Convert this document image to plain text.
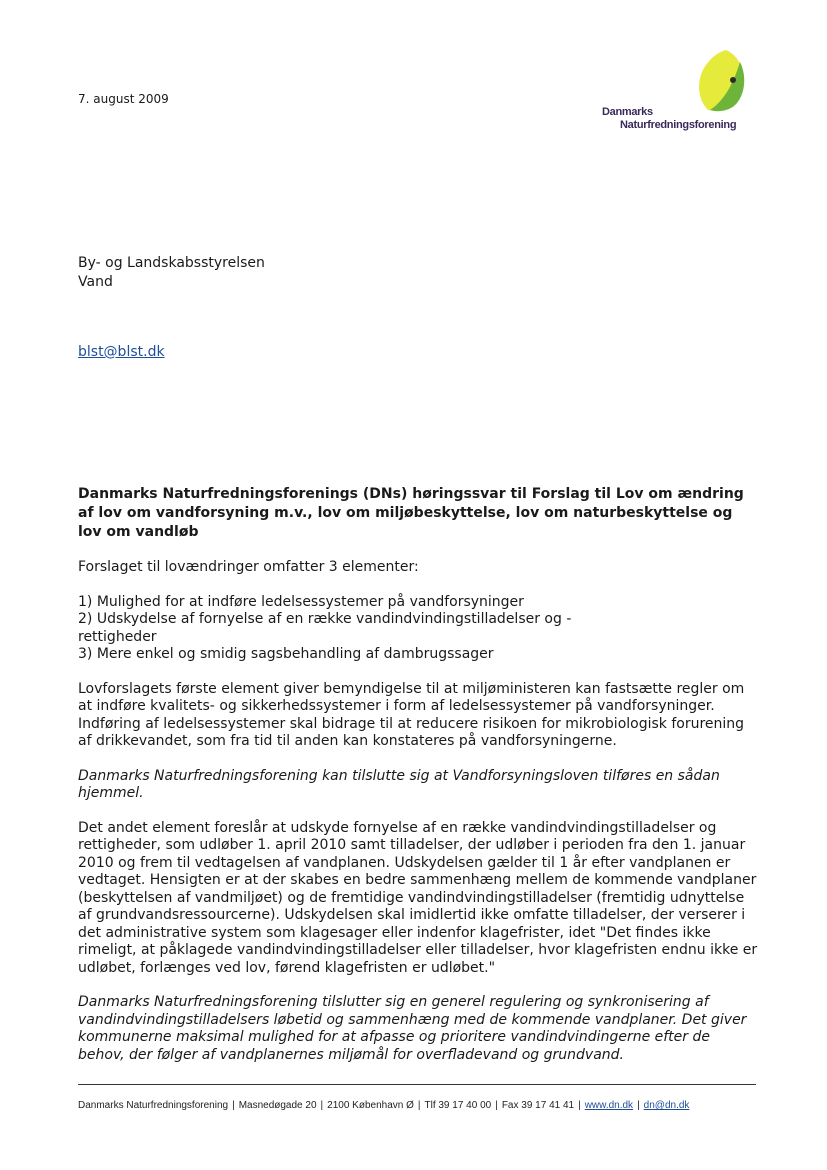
7. august 2009
Danmarks
Naturfredningsforening
By- og Landskabsstyrelsen
Vand
blst@blst.dk
Danmarks Naturfredningsforenings (DNs) høringssvar til Forslag til Lov om ændring af lov om vandforsyning m.v., lov om miljøbeskyttelse, lov om naturbeskyttelse og lov om vandløb
Forslaget til lovændringer omfatter 3 elementer:
1) Mulighed for at indføre ledelsessystemer på vandforsyninger
2) Udskydelse af fornyelse af en række vandindvindingstilladelser og -
rettigheder
3) Mere enkel og smidig sagsbehandling af dambrugssager
Lovforslagets første element giver bemyndigelse til at miljøministeren kan fastsætte regler om at indføre kvalitets- og sikkerhedssystemer i form af ledelsessystemer på vandforsyninger. Indføring af ledelsessystemer skal bidrage til at reducere risikoen for mikrobiologisk forurening af drikkevandet, som fra tid til anden kan konstateres på vandforsyningerne.
Danmarks Naturfredningsforening kan tilslutte sig at Vandforsyningsloven tilføres en sådan hjemmel.
Det andet element foreslår at udskyde fornyelse af en række vandindvindingstilladelser og rettigheder, som udløber 1. april 2010 samt tilladelser, der udløber i perioden fra den 1. januar 2010 og frem til vedtagelsen af vandplanen. Udskydelsen gælder til 1 år efter vandplanen er vedtaget. Hensigten er at der skabes en bedre sammenhæng mellem de kommende vandplaner (beskyttelsen af vandmiljøet) og de fremtidige vandindvindingstilladelser (fremtidig udnyttelse af grundvandsressourcerne). Udskydelsen skal imidlertid ikke omfatte tilladelser, der verserer i det administrative system som klagesager eller indenfor klagefrister, idet "Det findes ikke rimeligt, at påklagede vandindvindingstilladelser eller tilladelser, hvor klagefristen endnu ikke er udløbet, forlænges ved lov, førend klagefristen er udløbet."
Danmarks Naturfredningsforening tilslutter sig en generel regulering og synkronisering af vandindvindingstilladelsers løbetid og sammenhæng med de kommende vandplaner. Det giver kommunerne maksimal mulighed for at afpasse og prioritere vandindvindingerne efter de behov, der følger af vandplanernes miljømål for overfladevand og grundvand.
Danmarks Naturfredningsforening | Masnedøgade 20 | 2100 København Ø | Tlf 39 17 40 00 | Fax 39 17 41 41 | www.dn.dk | dn@dn.dk
